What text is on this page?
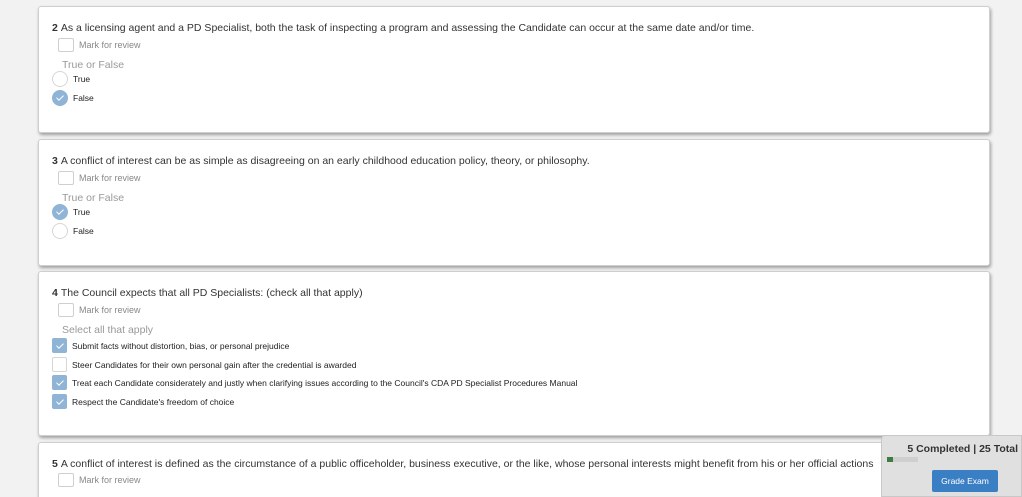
2 As a licensing agent and a PD Specialist, both the task of inspecting a program and assessing the Candidate can occur at the same date and/or time.
Mark for review
True or False
True
False
3 A conflict of interest can be as simple as disagreeing on an early childhood education policy, theory, or philosophy.
Mark for review
True or False
True
False
4 The Council expects that all PD Specialists: (check all that apply)
Mark for review
Select all that apply
Submit facts without distortion, bias, or personal prejudice
Steer Candidates for their own personal gain after the credential is awarded
Treat each Candidate considerately and justly when clarifying issues according to the Council's CDA PD Specialist Procedures Manual
Respect the Candidate's freedom of choice
5 A conflict of interest is defined as the circumstance of a public officeholder, business executive, or the like, whose personal interests might benefit from his or her official actions
Mark for review
5 Completed | 25 Total
Grade Exam
